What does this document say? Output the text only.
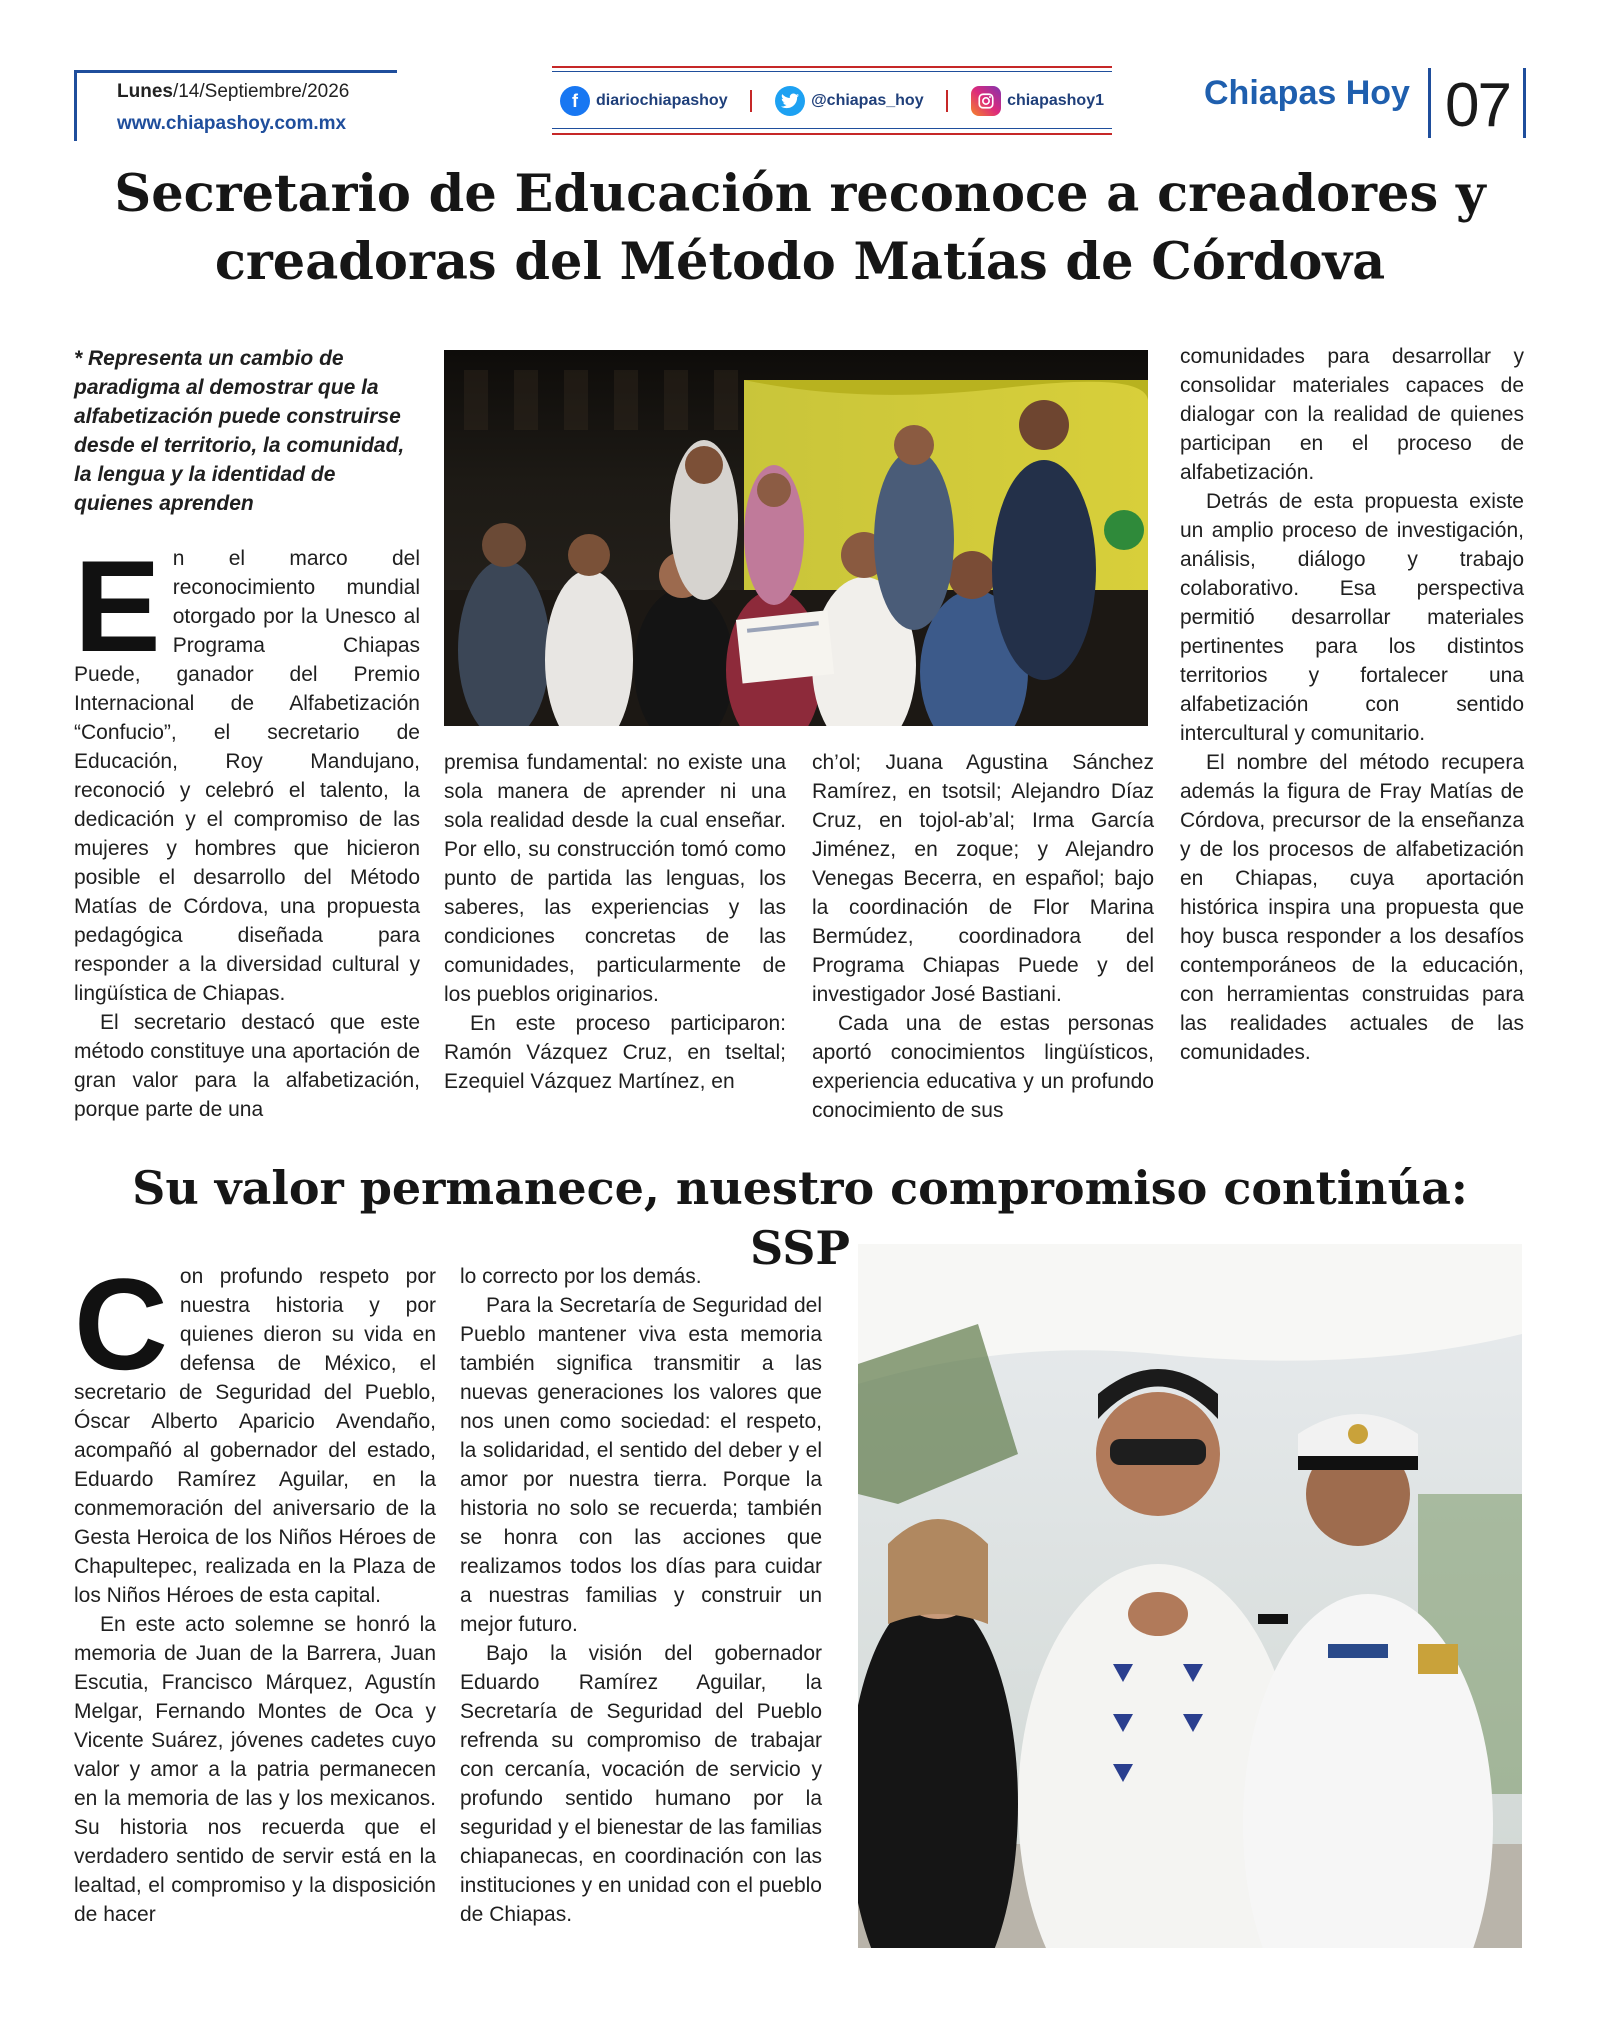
Lunes/14/Septiembre/2026
www.chiapashoy.com.mx
f	diariochiapashoy	@chiapas_hoy	chiapashoy1	Chiapas Hoy 07
Secretario de Educación reconoce a creadores y
creadoras del Método Matías de Córdova

* Representa un cambio de paradigma al demostrar que la alfabetización puede construirse desde el territorio, la comunidad, la lengua y la identidad de quienes aprenden

En el marco del reconocimiento mundial otorgado por la Unesco al Programa Chiapas Puede, ganador del Premio Internacional de Alfabetización “Confucio”, el secretario de Educación, Roy Mandujano, reconoció y celebró el talento, la dedicación y el compromiso de las mujeres y hombres que hicieron posible el desarrollo del Método Matías de Córdova, una propuesta pedagógica diseñada para responder a la diversidad cultural y lingüística de Chiapas.

El secretario destacó que este método constituye una aportación de gran valor para la alfabetización, porque parte de una

premisa fundamental: no existe una sola manera de aprender ni una sola realidad desde la cual enseñar. Por ello, su construcción tomó como punto de partida las lenguas, los saberes, las experiencias y las condiciones concretas de las comunidades, particularmente de los pueblos originarios.

En este proceso participaron: Ramón Vázquez Cruz, en tseltal; Ezequiel Vázquez Martínez, en

ch’ol; Juana Agustina Sánchez Ramírez, en tsotsil; Alejandro Díaz Cruz, en tojol-ab’al; Irma García Jiménez, en zoque; y Alejandro Venegas Becerra, en español; bajo la coordinación de Flor Marina Bermúdez, coordinadora del Programa Chiapas Puede y del investigador José Bastiani.

Cada una de estas personas aportó conocimientos lingüísticos, experiencia educativa y un profundo conocimiento de sus

comunidades para desarrollar y consolidar materiales capaces de dialogar con la realidad de quienes participan en el proceso de alfabetización.

Detrás de esta propuesta existe un amplio proceso de investigación, análisis, diálogo y trabajo colaborativo. Esa perspectiva permitió desarrollar materiales pertinentes para los distintos territorios y fortalecer una alfabetización con sentido intercultural y comunitario.

El nombre del método recupera además la figura de Fray Matías de Córdova, precursor de la enseñanza y de los procesos de alfabetización en Chiapas, cuya aportación histórica inspira una propuesta que hoy busca responder a los desafíos contemporáneos de la educación, con herramientas construidas para las realidades actuales de las comunidades.

Su valor permanece, nuestro compromiso continúa: SSP

Con profundo respeto por nuestra historia y por quienes dieron su vida en defensa de México, el secretario de Seguridad del Pueblo, Óscar Alberto Aparicio Avendaño, acompañó al gobernador del estado, Eduardo Ramírez Aguilar, en la conmemoración del aniversario de la Gesta Heroica de los Niños Héroes de Chapultepec, realizada en la Plaza de los Niños Héroes de esta capital.

En este acto solemne se honró la memoria de Juan de la Barrera, Juan Escutia, Francisco Márquez, Agustín Melgar, Fernando Montes de Oca y Vicente Suárez, jóvenes cadetes cuyo valor y amor a la patria permanecen en la memoria de las y los mexicanos. Su historia nos recuerda que el verdadero sentido de servir está en la lealtad, el compromiso y la disposición de hacer

lo correcto por los demás.

Para la Secretaría de Seguridad del Pueblo mantener viva esta memoria también significa transmitir a las nuevas generaciones los valores que nos unen como sociedad: el respeto, la solidaridad, el sentido del deber y el amor por nuestra tierra. Porque la historia no solo se recuerda; también se honra con las acciones que realizamos todos los días para cuidar a nuestras familias y construir un mejor futuro.

Bajo la visión del gobernador Eduardo Ramírez Aguilar, la Secretaría de Seguridad del Pueblo refrenda su compromiso de trabajar con cercanía, vocación de servicio y profundo sentido humano por la seguridad y el bienestar de las familias chiapanecas, en coordinación con las instituciones y en unidad con el pueblo de Chiapas.
